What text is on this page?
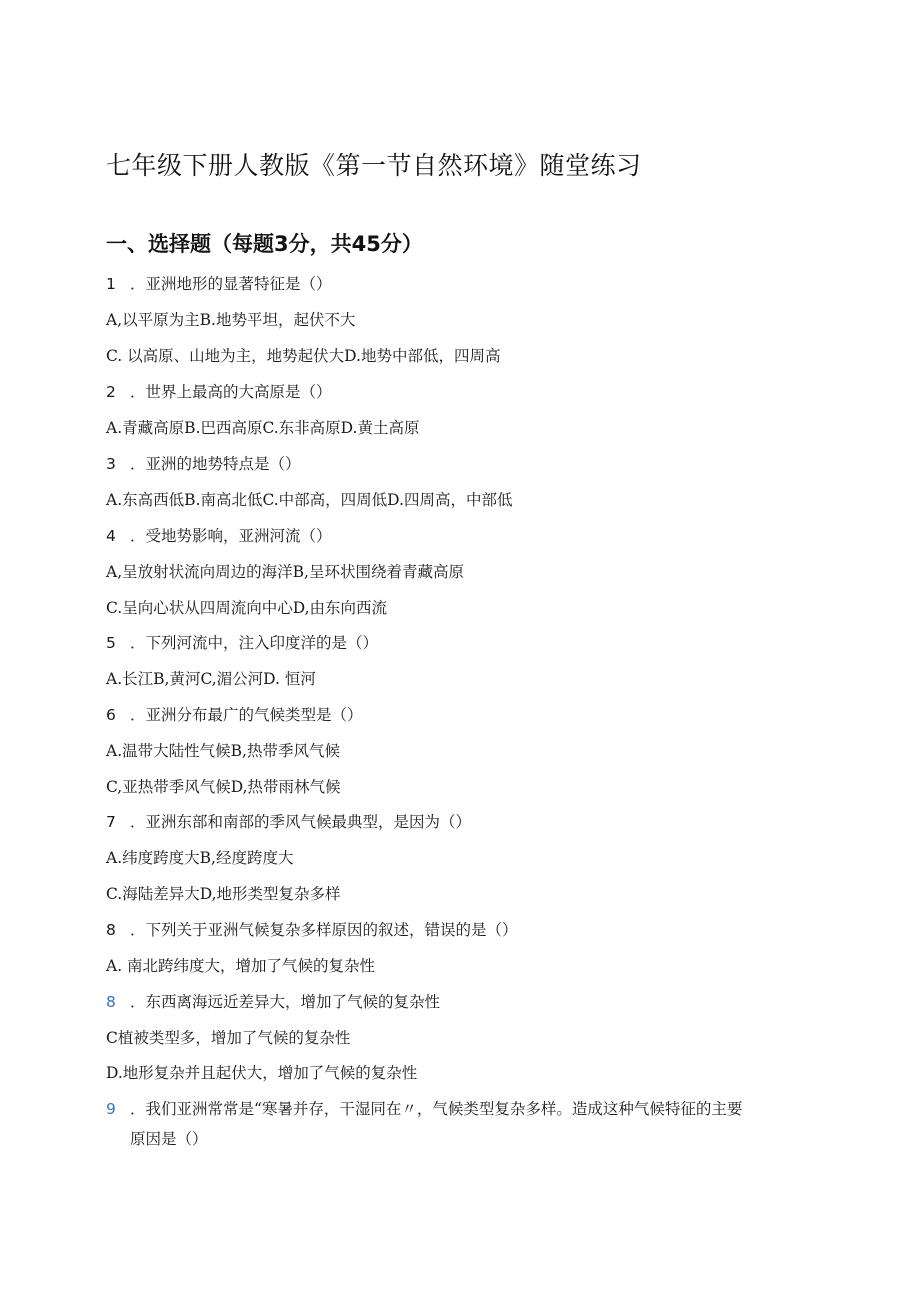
七年级下册人教版《第一节自然环境》随堂练习
一、选择题（每题3分，共45分）
1 ．亚洲地形的显著特征是（）
A,以平原为主B.地势平坦，起伏不大
C. 以高原、山地为主，地势起伏大D.地势中部低，四周高
2 ．世界上最高的大高原是（）
A.青藏高原B.巴西高原C.东非高原D.黄土高原
3 ．亚洲的地势特点是（）
A.东高西低B.南高北低C.中部高，四周低D.四周高，中部低
4 ．受地势影响，亚洲河流（）
A,呈放射状流向周边的海洋B,呈环状围绕着青藏高原
C.呈向心状从四周流向中心D,由东向西流
5 ．下列河流中，注入印度洋的是（）
A.长江B,黄河C,湄公河D. 恒河
6 ．亚洲分布最广的气候类型是（）
A.温带大陆性气候B,热带季风气候
C,亚热带季风气候D,热带雨林气候
7 ．亚洲东部和南部的季风气候最典型，是因为（）
A.纬度跨度大B,经度跨度大
C.海陆差异大D,地形类型复杂多样
8 ．下列关于亚洲气候复杂多样原因的叙述，错误的是（）
A. 南北跨纬度大，增加了气候的复杂性
8 ．东西离海远近差异大，增加了气候的复杂性
C植被类型多，增加了气候的复杂性
D.地形复杂并且起伏大，增加了气候的复杂性
9 ．我们亚洲常常是“寒暑并存，干湿同在〃，气候类型复杂多样。造成这种气候特征的主要
原因是（）
